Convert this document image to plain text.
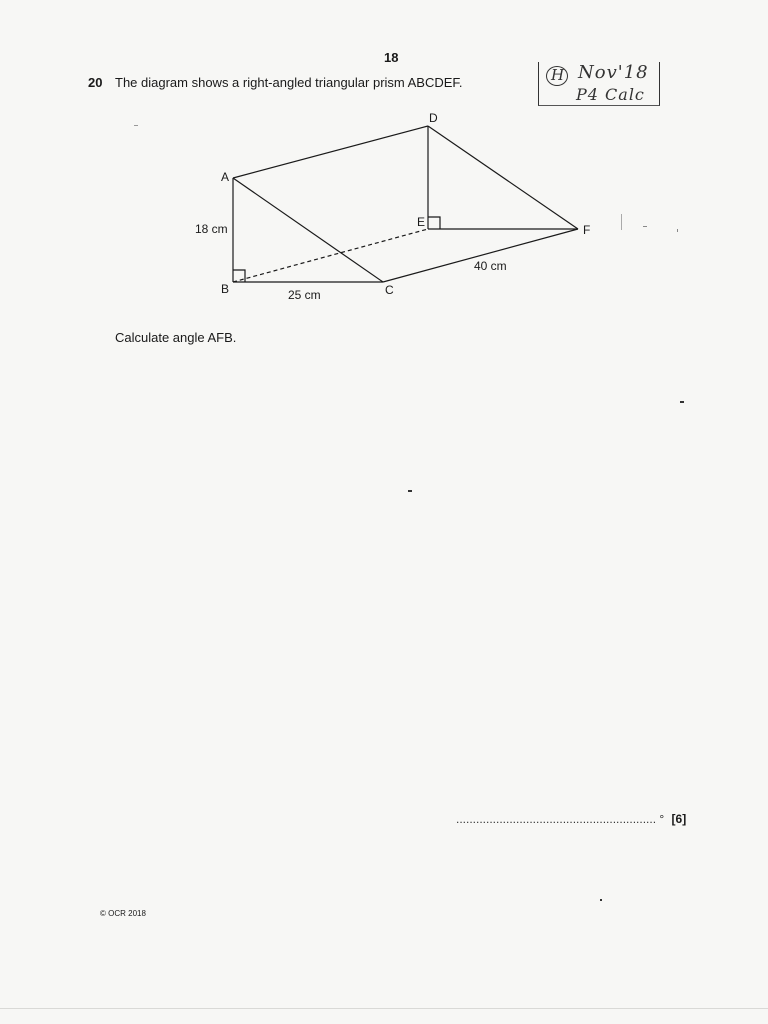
18
20 The diagram shows a right-angled triangular prism ABCDEF.	H Nov'18
P4 Calc
A
B	C
D
E
F
18 cm
25 cm
40 cm
Calculate angle AFB.
............................................................ ° [6]
© OCR 2018
